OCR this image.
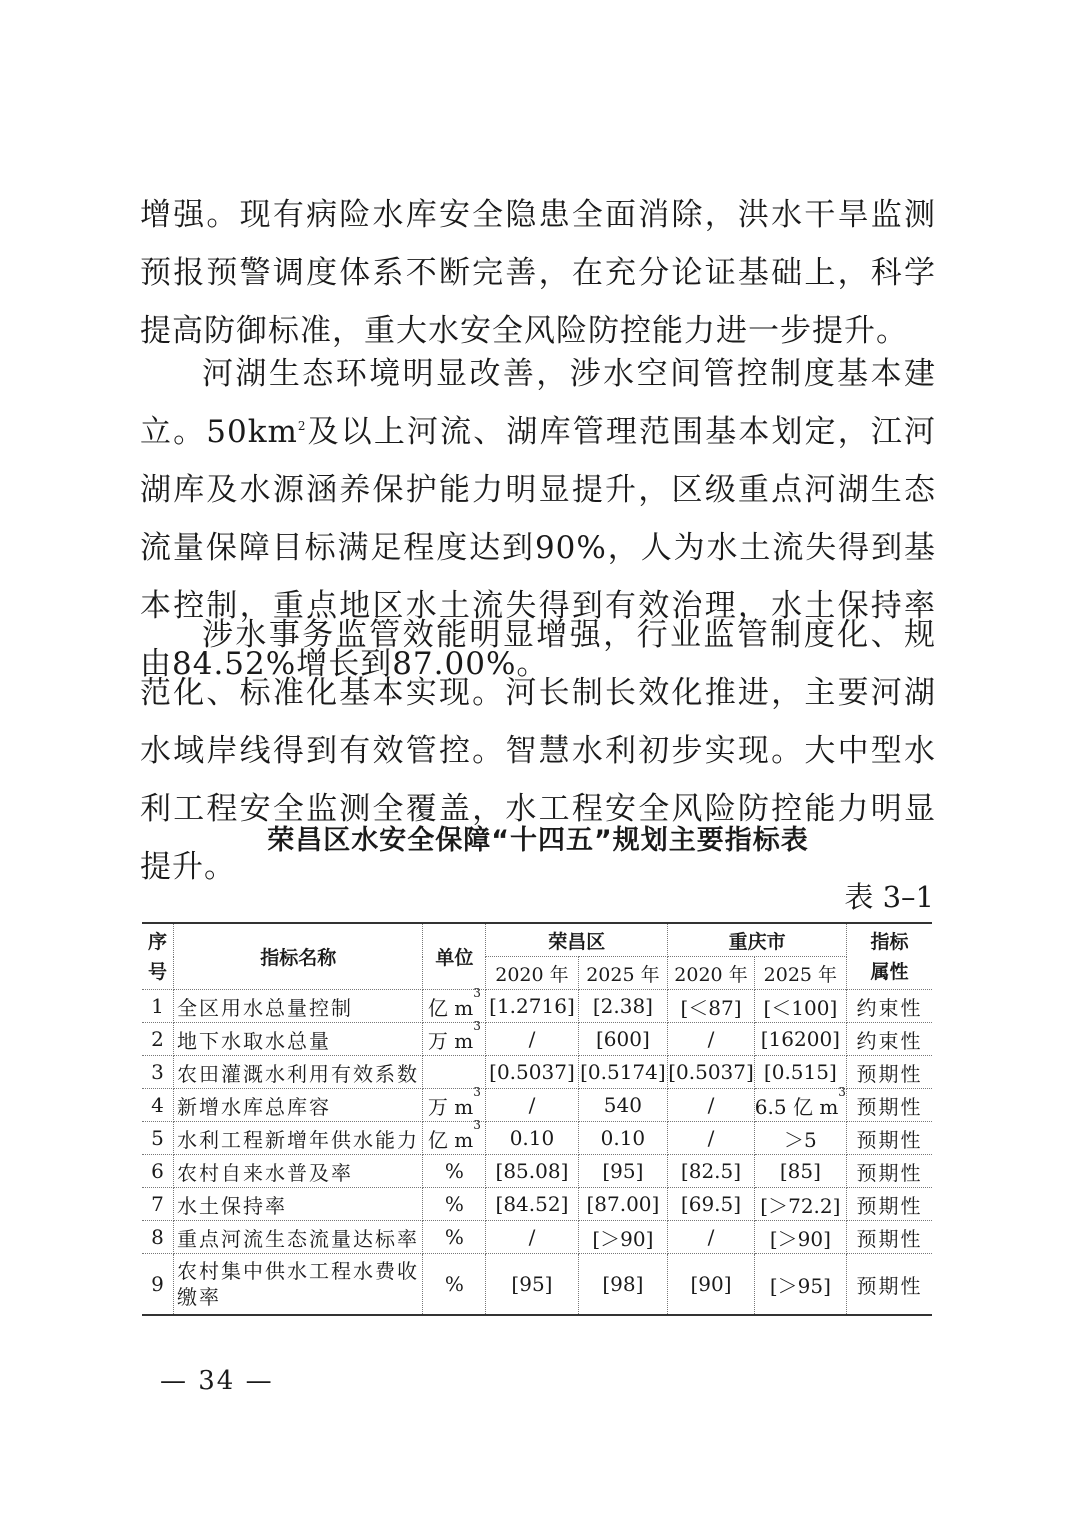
增强。现有病险水库安全隐患全面消除，洪水干旱监测预报预警调度体系不断完善，在充分论证基础上，科学提高防御标准，重大水安全风险防控能力进一步提升。

河湖生态环境明显改善，涉水空间管控制度基本建立。$50km^2$及以上河流、湖库管理范围基本划定，江河湖库及水源涵养保护能力明显提升，区级重点河湖生态流量保障目标满足程度达到90%，人为水土流失得到基本控制，重点地区水土流失得到有效治理，水土保持率由84.52%增长到87.00%。

涉水事务监管效能明显增强，行业监管制度化、规范化、标准化基本实现。河长制长效化推进，主要河湖水域岸线得到有效管控。智慧水利初步实现。大中型水利工程安全监测全覆盖，水工程安全风险防控能力明显提升。

荣昌区水安全保障“十四五”规划主要指标表
表 3–1
序号	指标名称	单位	荣昌区		重庆市		指标属性
			2020 年	2025 年	2020 年	2025 年	
1	全区用水总量控制	亿 $m^3$	[1.2716]	[2.38]	[＜87]	[＜100]	约束性
2	地下水取水总量	万 $m^3$	/	[600]	/	[16200]	约束性
3	农田灌溉水利用有效系数		[0.5037]	[0.5174]	[0.5037]	[0.515]	预期性
4	新增水库总库容	万 $m^3$	/	540	/	6.5 亿 $m^3$	预期性
5	水利工程新增年供水能力	亿 $m^3$	0.10	0.10	/	＞5	预期性
6	农村自来水普及率	%	[85.08]	[95]	[82.5]	[85]	预期性
7	水土保持率	%	[84.52]	[87.00]	[69.5]	[＞72.2]	预期性
8	重点河流生态流量达标率	%	/	[＞90]	/	[＞90]	预期性
9	农村集中供水工程水费收缴率	%	[95]	[98]	[90]	[＞95]	预期性
— 34 —
